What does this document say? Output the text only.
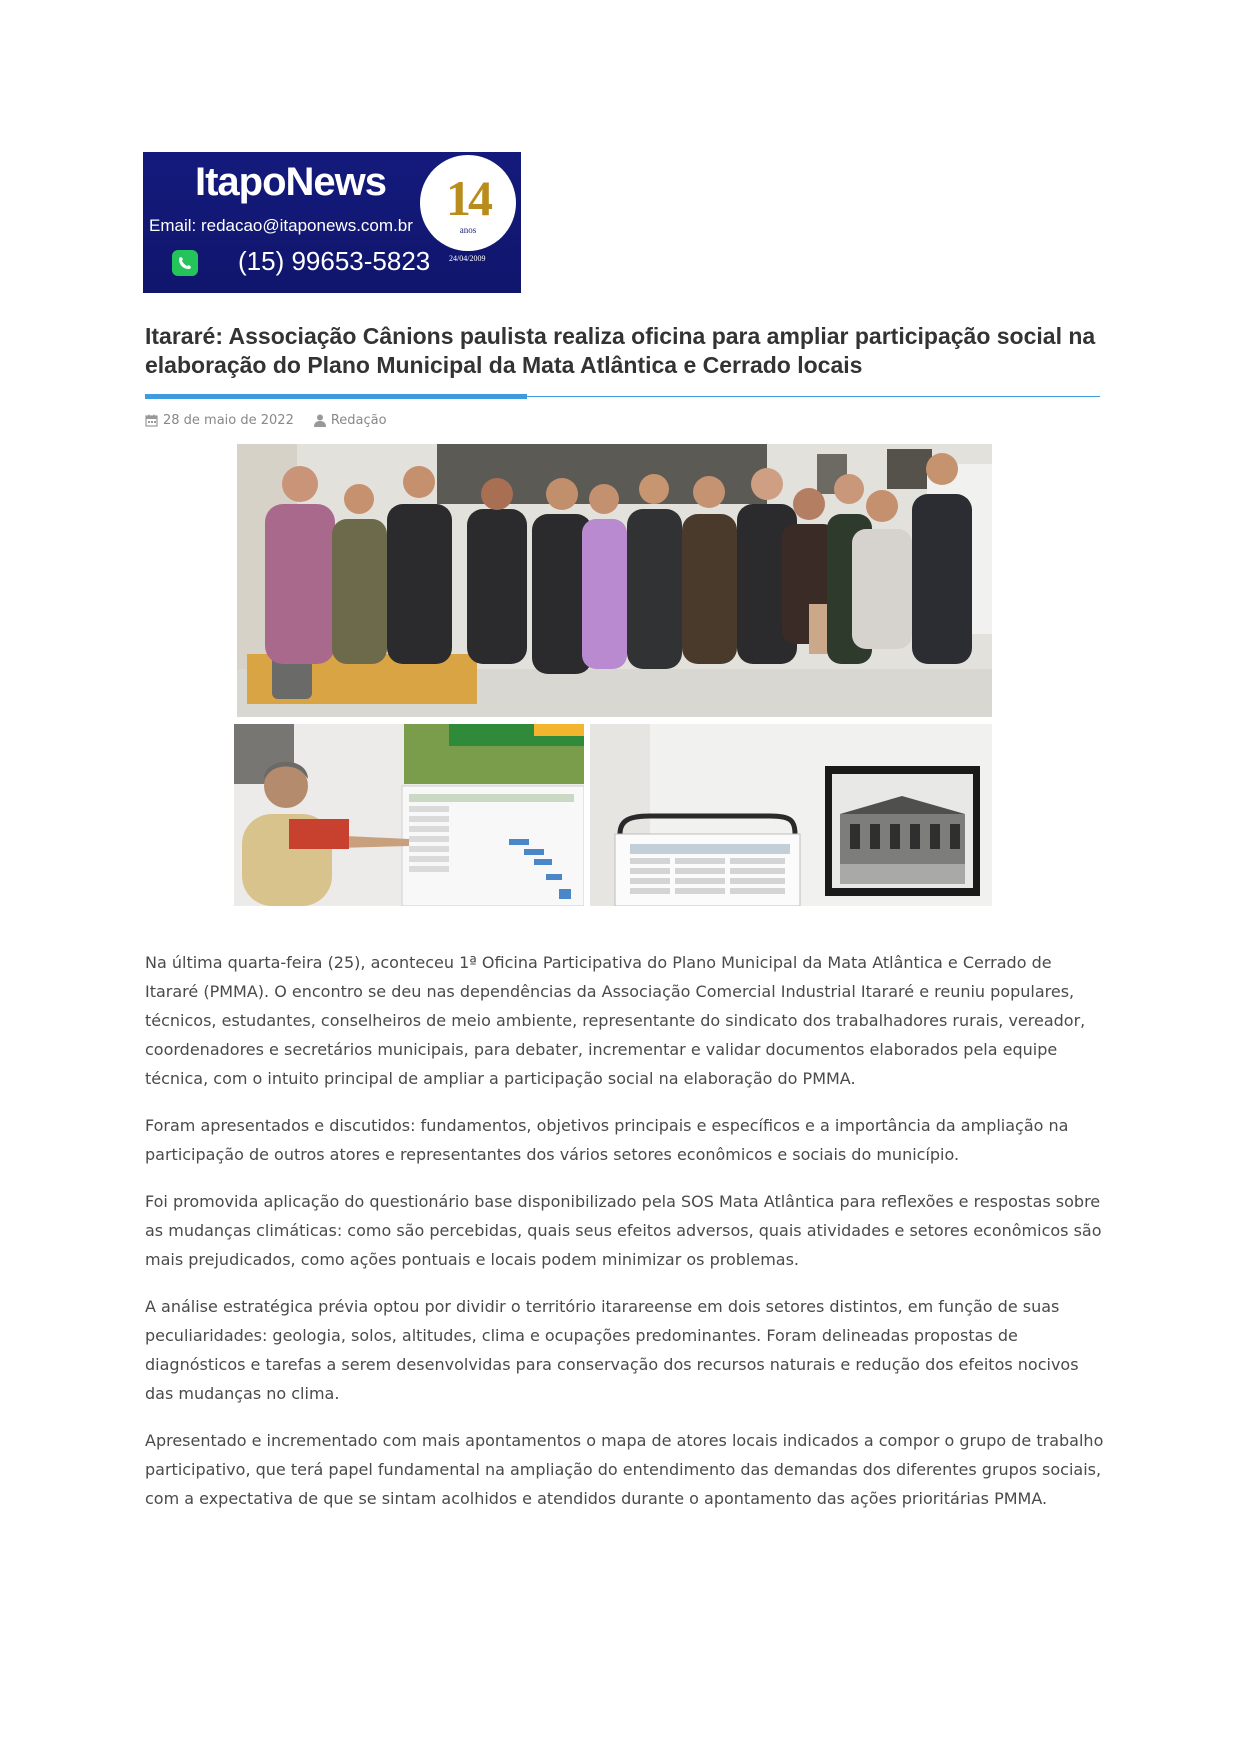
ItapoNews
Email: redacao@itaponews.com.br
(15) 99653-5823
14
anos
24/04/2009
Itararé: Associação Cânions paulista realiza oficina para ampliar participação social na elaboração do Plano Municipal da Mata Atlântica e Cerrado locais
28 de maio de 2022	Redação

Na última quarta-feira (25), aconteceu 1ª Oficina Participativa do Plano Municipal da Mata Atlântica e Cerrado de Itararé (PMMA). O encontro se deu nas dependências da Associação Comercial Industrial Itararé e reuniu populares, técnicos, estudantes, conselheiros de meio ambiente, representante do sindicato dos trabalhadores rurais, vereador, coordenadores e secretários municipais, para debater, incrementar e validar documentos elaborados pela equipe técnica, com o intuito principal de ampliar a participação social na elaboração do PMMA.

Foram apresentados e discutidos: fundamentos, objetivos principais e específicos e a importância da ampliação na participação de outros atores e representantes dos vários setores econômicos e sociais do município.

Foi promovida aplicação do questionário base disponibilizado pela SOS Mata Atlântica para reflexões e respostas sobre as mudanças climáticas: como são percebidas, quais seus efeitos adversos, quais atividades e setores econômicos são mais prejudicados, como ações pontuais e locais podem minimizar os problemas.

A análise estratégica prévia optou por dividir o território itarareense em dois setores distintos, em função de suas peculiaridades: geologia, solos, altitudes, clima e ocupações predominantes. Foram delineadas propostas de diagnósticos e tarefas a serem desenvolvidas para conservação dos recursos naturais e redução dos efeitos nocivos das mudanças no clima.

Apresentado e incrementado com mais apontamentos o mapa de atores locais indicados a compor o grupo de trabalho participativo, que terá papel fundamental na ampliação do entendimento das demandas dos diferentes grupos sociais, com a expectativa de que se sintam acolhidos e atendidos durante o apontamento das ações prioritárias PMMA.
